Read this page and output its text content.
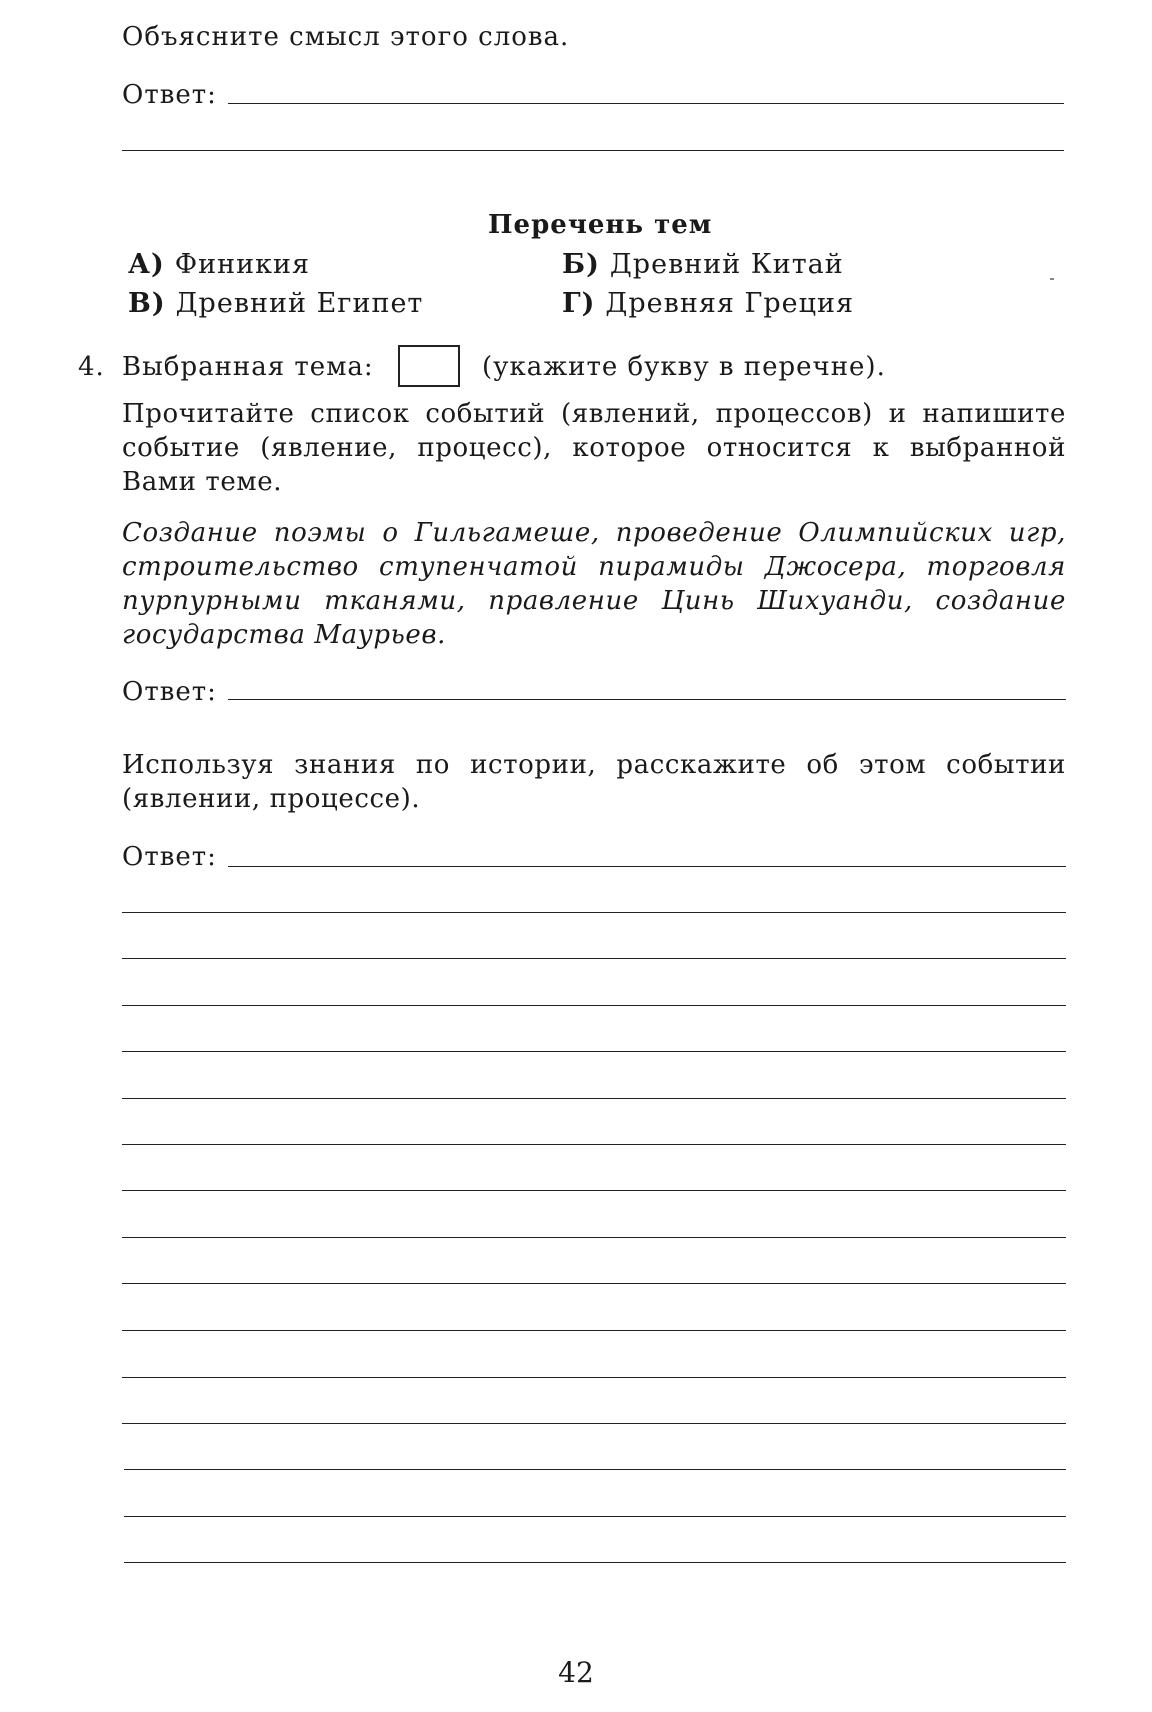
Объясните смысл этого слова.
Ответ:
Перечень тем
А) Финикия	Б) Древний Китай
В) Древний Египет	Г) Древняя Греция
4. Выбранная тема:	(укажите букву в перечне).
Прочитайте список событий (явлений, процессов) и напишите событие (явление, процесс), которое относится к выбранной Вами теме.
Создание поэмы о Гильгамеше, проведение Олимпийских игр, строительство ступенчатой пирамиды Джосера, торговля пурпурными тканями, правление Цинь Шихуанди, создание государства Маурьев.
Ответ:
Используя знания по истории, расскажите об этом событии (явлении, процессе).
Ответ:
42
